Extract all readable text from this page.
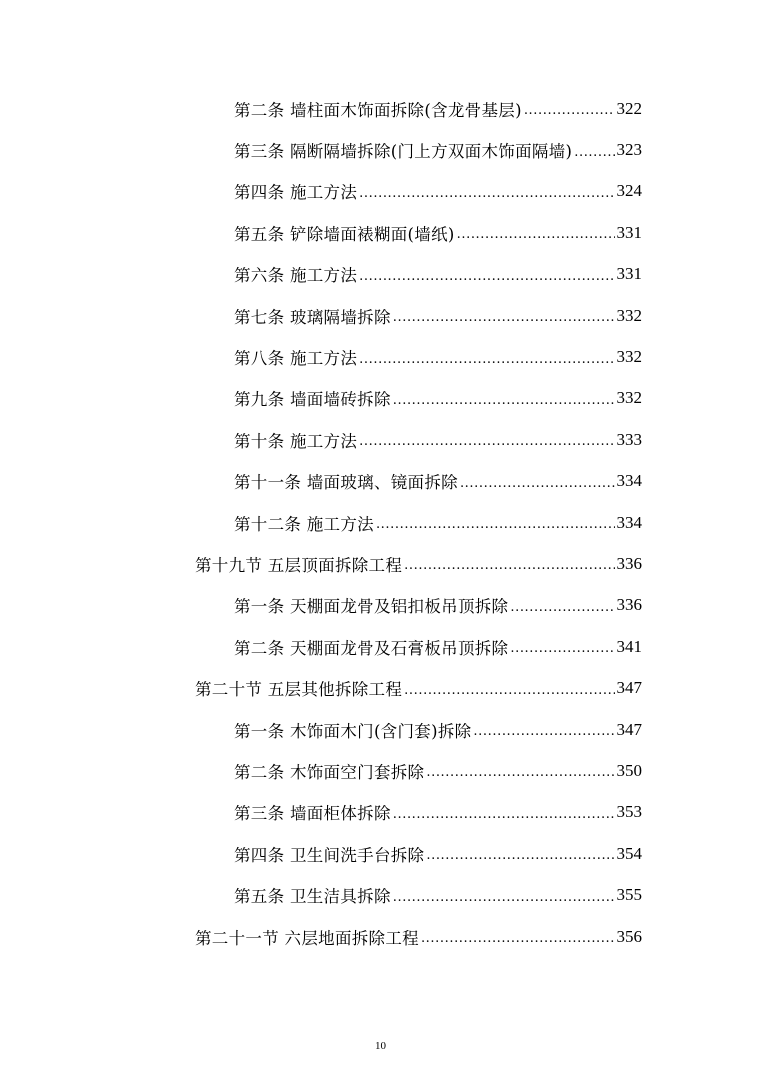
第二条 墙柱面木饰面拆除(含龙骨基层) .....	322
第三条 隔断隔墙拆除(门上方双面木饰面隔墙) .....	323
第四条 施工方法 .....	324
第五条 铲除墙面裱糊面(墙纸) .....	331
第六条 施工方法 .....	331
第七条 玻璃隔墙拆除 .....	332
第八条 施工方法 .....	332
第九条 墙面墙砖拆除 .....	332
第十条 施工方法 .....	333
第十一条 墙面玻璃、镜面拆除 .....	334
第十二条 施工方法 .....	334
第十九节 五层顶面拆除工程 .....	336
第一条 天棚面龙骨及铝扣板吊顶拆除 .....	336
第二条 天棚面龙骨及石膏板吊顶拆除 .....	341
第二十节 五层其他拆除工程 .....	347
第一条 木饰面木门(含门套)拆除 .....	347
第二条 木饰面空门套拆除 .....	350
第三条 墙面柜体拆除 .....	353
第四条 卫生间洗手台拆除 .....	354
第五条 卫生洁具拆除 .....	355
第二十一节 六层地面拆除工程 .....	356
10
